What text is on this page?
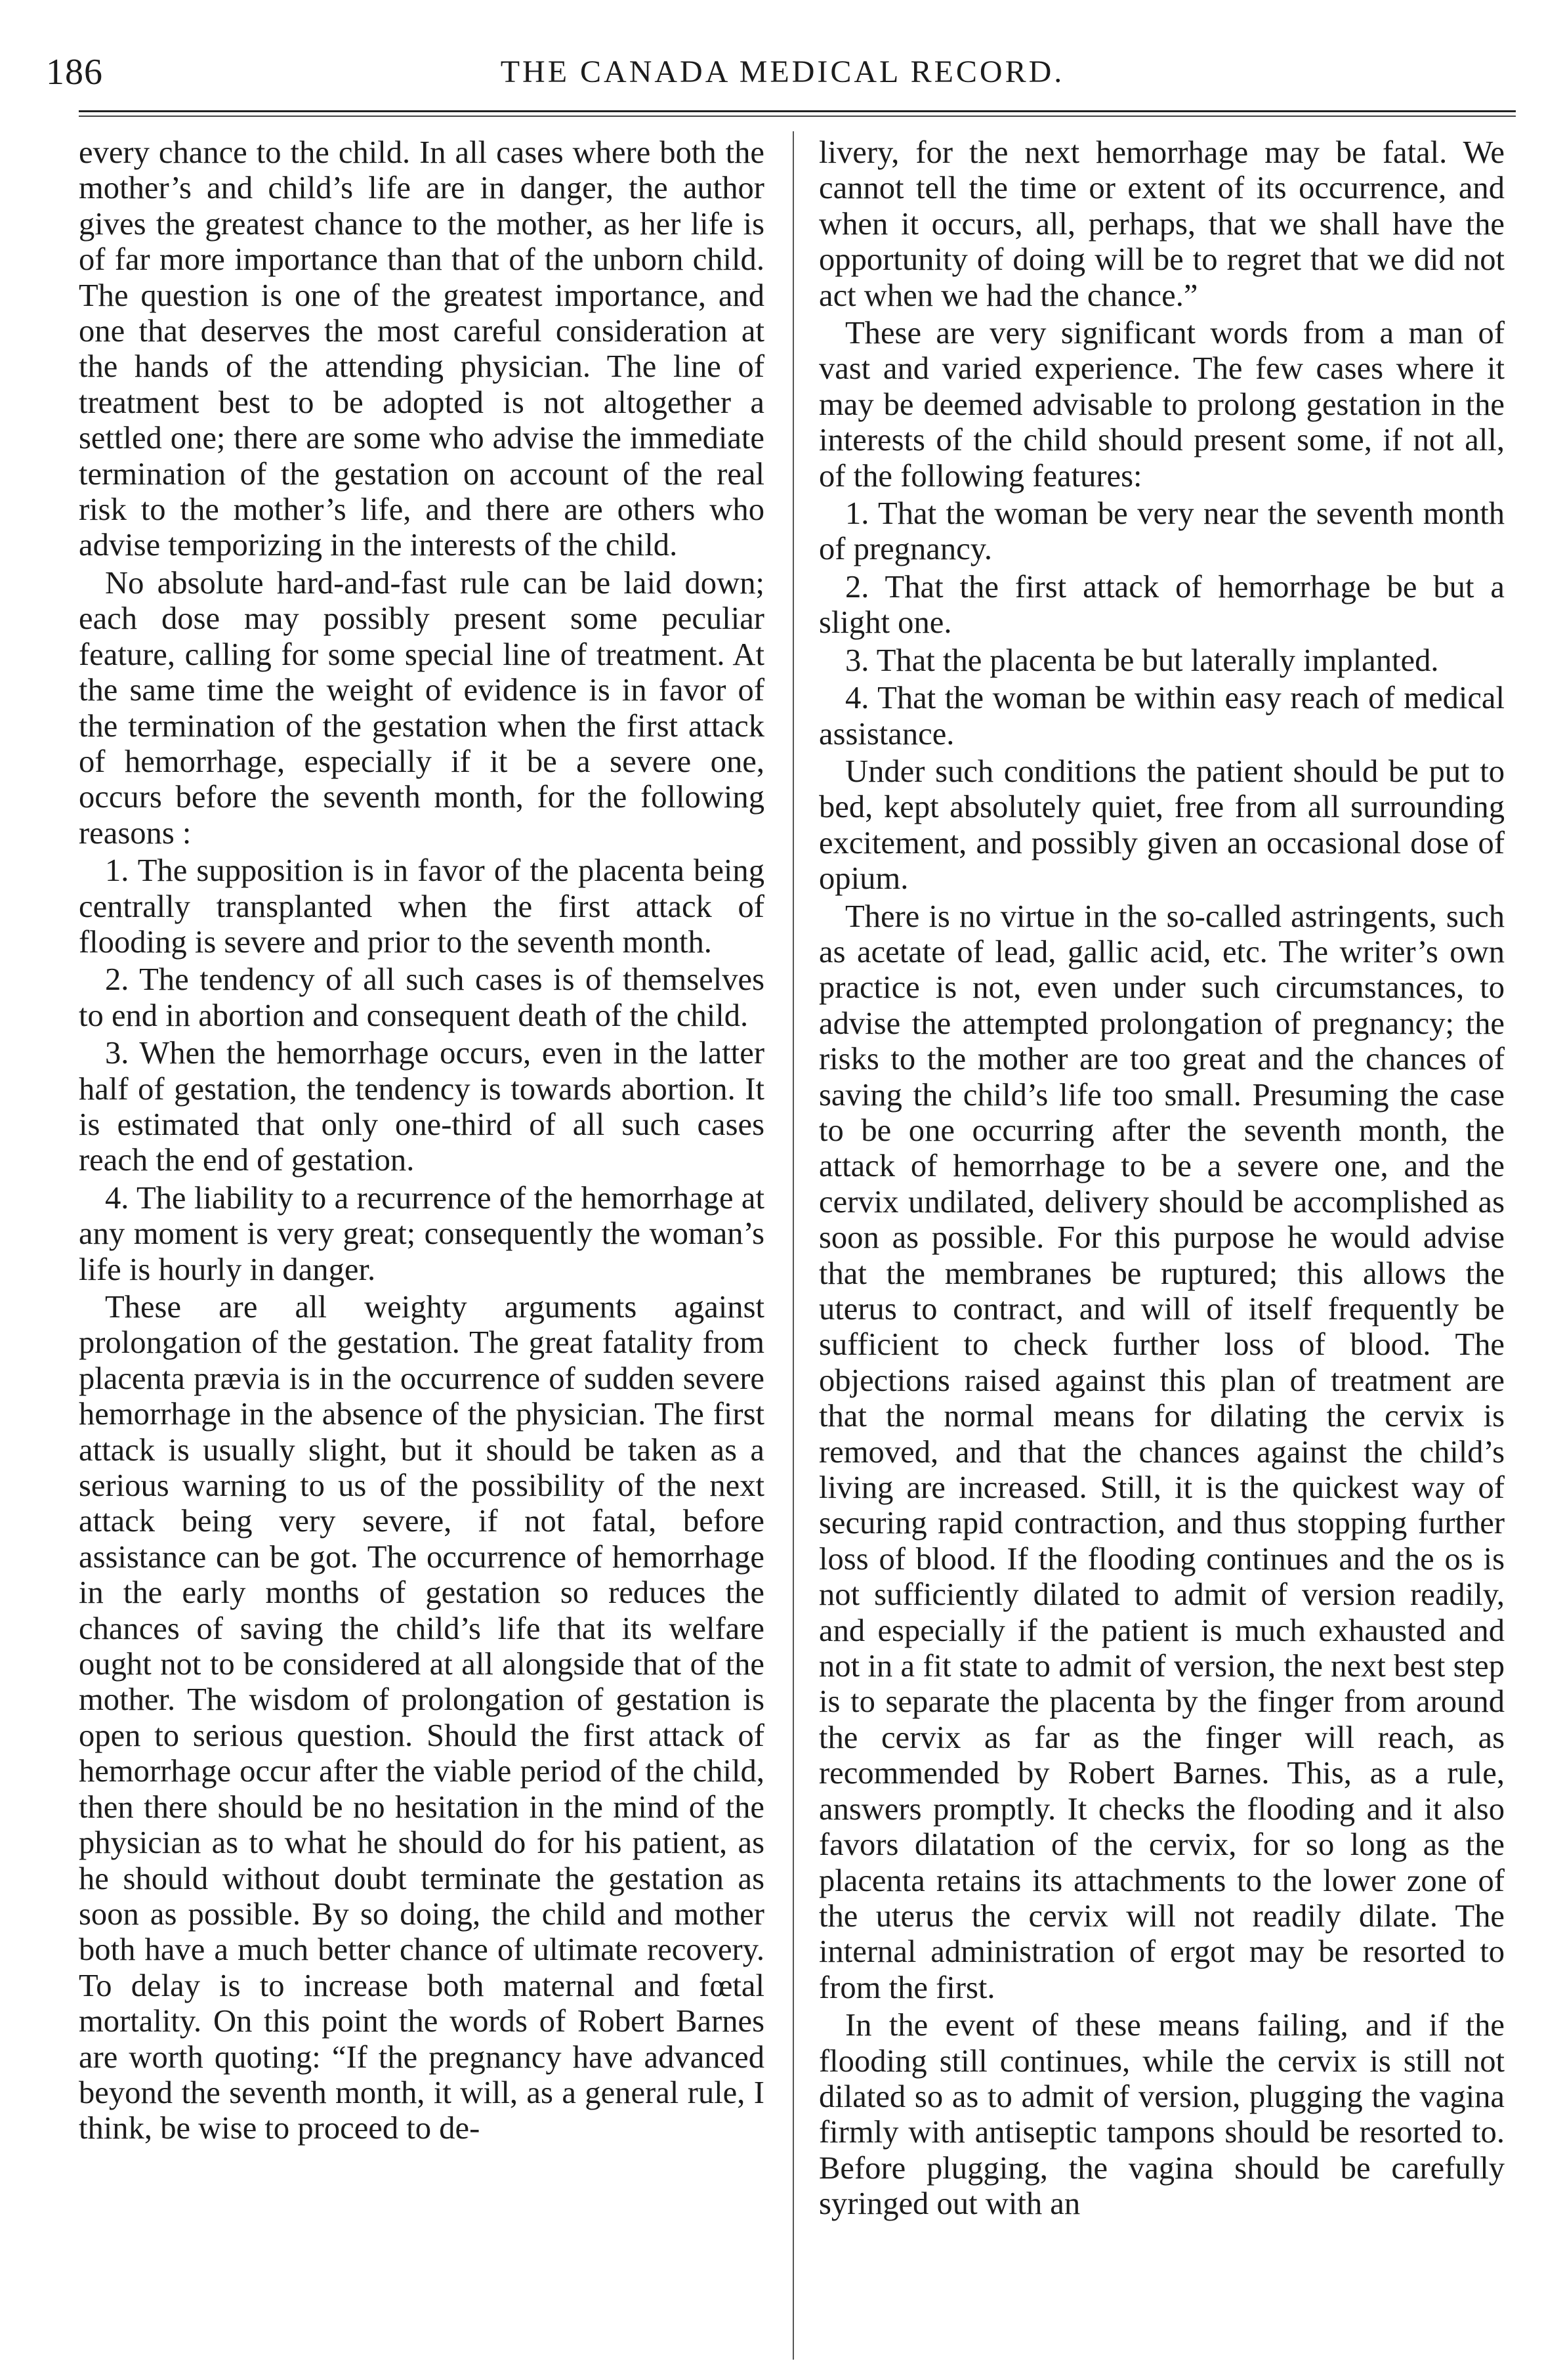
186	THE CANADA MEDICAL RECORD.

every chance to the child. In all cases where both the mother’s and child’s life are in danger, the author gives the greatest chance to the mother, as her life is of far more importance than that of the unborn child. The question is one of the greatest importance, and one that deserves the most careful consideration at the hands of the attending physician. The line of treatment best to be adopted is not altogether a settled one; there are some who advise the immediate termination of the gestation on account of the real risk to the mother’s life, and there are others who advise temporizing in the interests of the child.

No absolute hard-and-fast rule can be laid down; each dose may possibly present some peculiar feature, calling for some special line of treatment. At the same time the weight of evidence is in favor of the termination of the gestation when the first attack of hemorrhage, especially if it be a severe one, occurs before the seventh month, for the following reasons :

1. The supposition is in favor of the placenta being centrally transplanted when the first attack of flooding is severe and prior to the seventh month.

2. The tendency of all such cases is of themselves to end in abortion and consequent death of the child.

3. When the hemorrhage occurs, even in the latter half of gestation, the tendency is towards abortion. It is estimated that only one-third of all such cases reach the end of gestation.

4. The liability to a recurrence of the hemorrhage at any moment is very great; consequently the woman’s life is hourly in danger.

These are all weighty arguments against prolongation of the gestation. The great fatality from placenta prævia is in the occurrence of sudden severe hemorrhage in the absence of the physician. The first attack is usually slight, but it should be taken as a serious warning to us of the possibility of the next attack being very severe, if not fatal, before assistance can be got. The occurrence of hemorrhage in the early months of gestation so reduces the chances of saving the child’s life that its welfare ought not to be considered at all alongside that of the mother. The wisdom of prolongation of gestation is open to serious question. Should the first attack of hemorrhage occur after the viable period of the child, then there should be no hesitation in the mind of the physician as to what he should do for his patient, as he should without doubt terminate the gestation as soon as possible. By so doing, the child and mother both have a much better chance of ultimate recovery. To delay is to increase both maternal and fœtal mortality. On this point the words of Robert Barnes are worth quoting: “If the pregnancy have advanced beyond the seventh month, it will, as a general rule, I think, be wise to proceed to de-

livery, for the next hemorrhage may be fatal. We cannot tell the time or extent of its occurrence, and when it occurs, all, perhaps, that we shall have the opportunity of doing will be to regret that we did not act when we had the chance.”

These are very significant words from a man of vast and varied experience. The few cases where it may be deemed advisable to prolong gestation in the interests of the child should present some, if not all, of the following features:

1. That the woman be very near the seventh month of pregnancy.

2. That the first attack of hemorrhage be but a slight one.

3. That the placenta be but laterally implanted.

4. That the woman be within easy reach of medical assistance.

Under such conditions the patient should be put to bed, kept absolutely quiet, free from all surrounding excitement, and possibly given an occasional dose of opium.

There is no virtue in the so-called astringents, such as acetate of lead, gallic acid, etc. The writer’s own practice is not, even under such circumstances, to advise the attempted prolongation of pregnancy; the risks to the mother are too great and the chances of saving the child’s life too small. Presuming the case to be one occurring after the seventh month, the attack of hemorrhage to be a severe one, and the cervix undilated, delivery should be accomplished as soon as possible. For this purpose he would advise that the membranes be ruptured; this allows the uterus to contract, and will of itself frequently be sufficient to check further loss of blood. The objections raised against this plan of treatment are that the normal means for dilating the cervix is removed, and that the chances against the child’s living are increased. Still, it is the quickest way of securing rapid contraction, and thus stopping further loss of blood. If the flooding continues and the os is not sufficiently dilated to admit of version readily, and especially if the patient is much exhausted and not in a fit state to admit of version, the next best step is to separate the placenta by the finger from around the cervix as far as the finger will reach, as recommended by Robert Barnes. This, as a rule, answers promptly. It checks the flooding and it also favors dilatation of the cervix, for so long as the placenta retains its attachments to the lower zone of the uterus the cervix will not readily dilate. The internal administration of ergot may be resorted to from the first.

In the event of these means failing, and if the flooding still continues, while the cervix is still not dilated so as to admit of version, plugging the vagina firmly with antiseptic tampons should be resorted to. Before plugging, the vagina should be carefully syringed out with an
